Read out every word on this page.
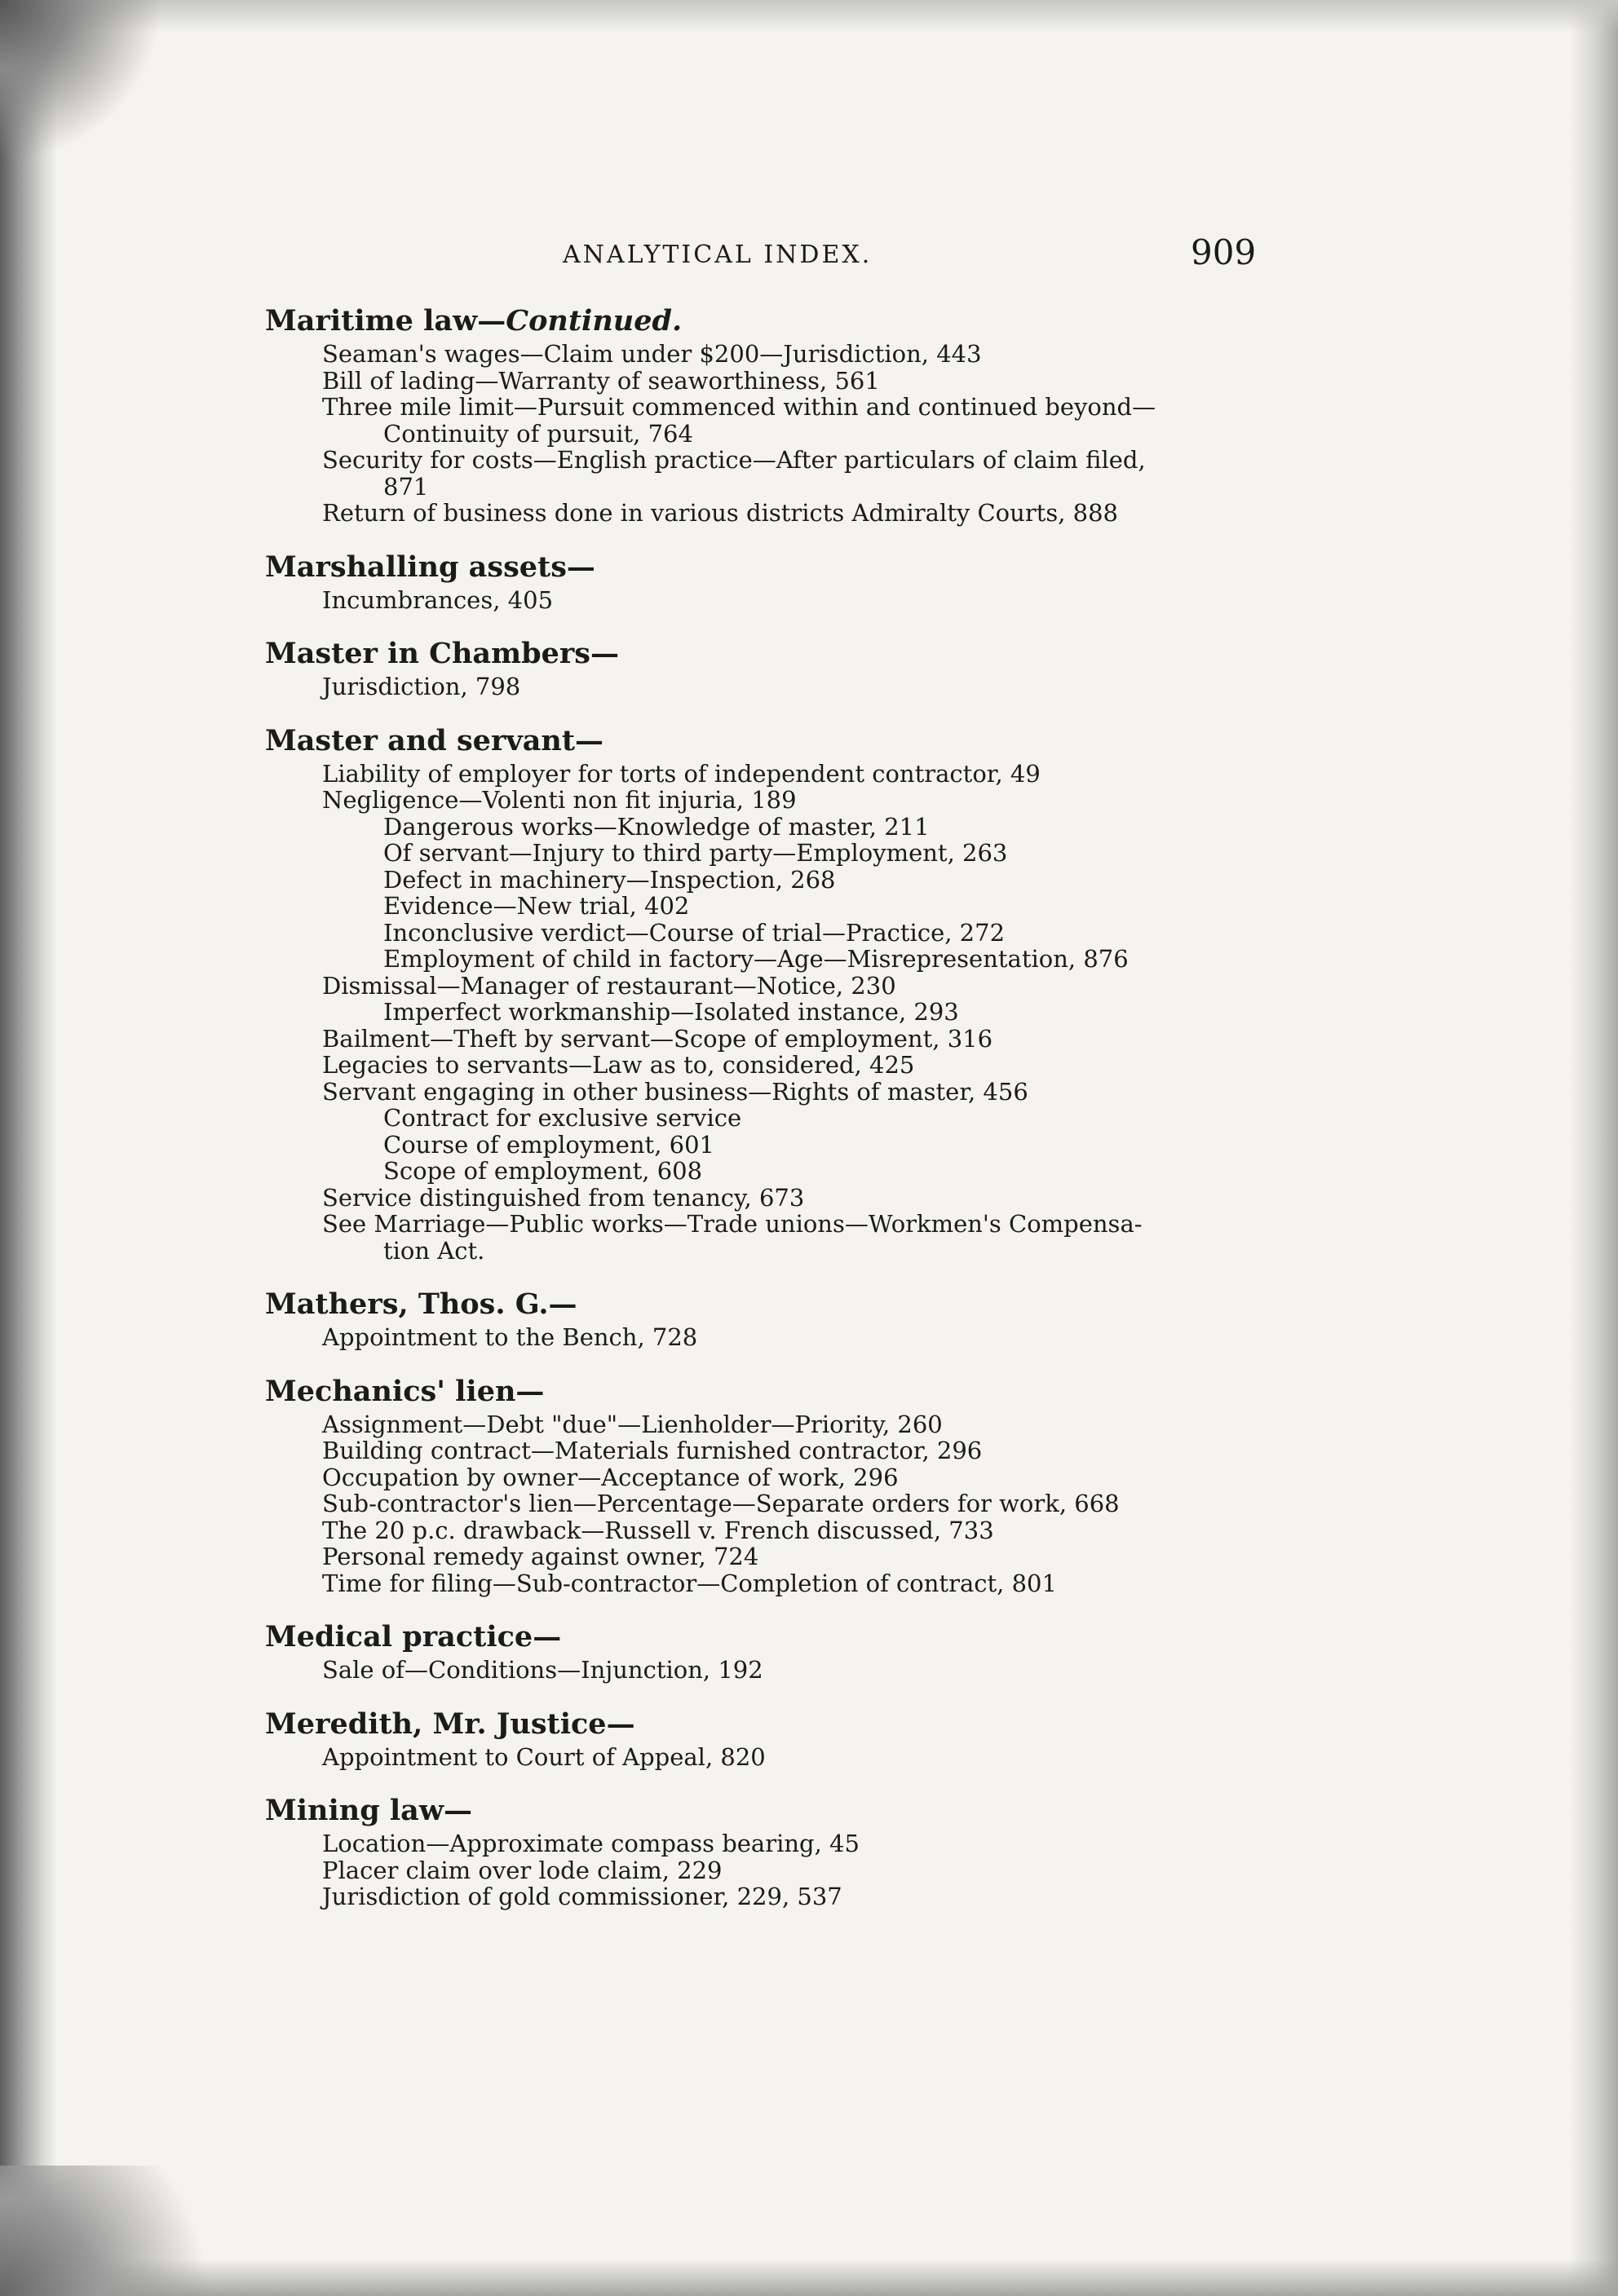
ANALYTICAL INDEX.	909
Maritime law—Continued.
Seaman's wages—Claim under $200—Jurisdiction, 443
Bill of lading—Warranty of seaworthiness, 561
Three mile limit—Pursuit commenced within and continued beyond—
Continuity of pursuit, 764
Security for costs—English practice—After particulars of claim filed,
871
Return of business done in various districts Admiralty Courts, 888
Marshalling assets—
Incumbrances, 405
Master in Chambers—
Jurisdiction, 798
Master and servant—
Liability of employer for torts of independent contractor, 49
Negligence—Volenti non fit injuria, 189
Dangerous works—Knowledge of master, 211
Of servant—Injury to third party—Employment, 263
Defect in machinery—Inspection, 268
Evidence—New trial, 402
Inconclusive verdict—Course of trial—Practice, 272
Employment of child in factory—Age—Misrepresentation, 876
Dismissal—Manager of restaurant—Notice, 230
Imperfect workmanship—Isolated instance, 293
Bailment—Theft by servant—Scope of employment, 316
Legacies to servants—Law as to, considered, 425
Servant engaging in other business—Rights of master, 456
Contract for exclusive service
Course of employment, 601
Scope of employment, 608
Service distinguished from tenancy, 673
See Marriage—Public works—Trade unions—Workmen's Compensa-
tion Act.
Mathers, Thos. G.—
Appointment to the Bench, 728
Mechanics' lien—
Assignment—Debt "due"—Lienholder—Priority, 260
Building contract—Materials furnished contractor, 296
Occupation by owner—Acceptance of work, 296
Sub-contractor's lien—Percentage—Separate orders for work, 668
The 20 p.c. drawback—Russell v. French discussed, 733
Personal remedy against owner, 724
Time for filing—Sub-contractor—Completion of contract, 801
Medical practice—
Sale of—Conditions—Injunction, 192
Meredith, Mr. Justice—
Appointment to Court of Appeal, 820
Mining law—
Location—Approximate compass bearing, 45
Placer claim over lode claim, 229
Jurisdiction of gold commissioner, 229, 537
